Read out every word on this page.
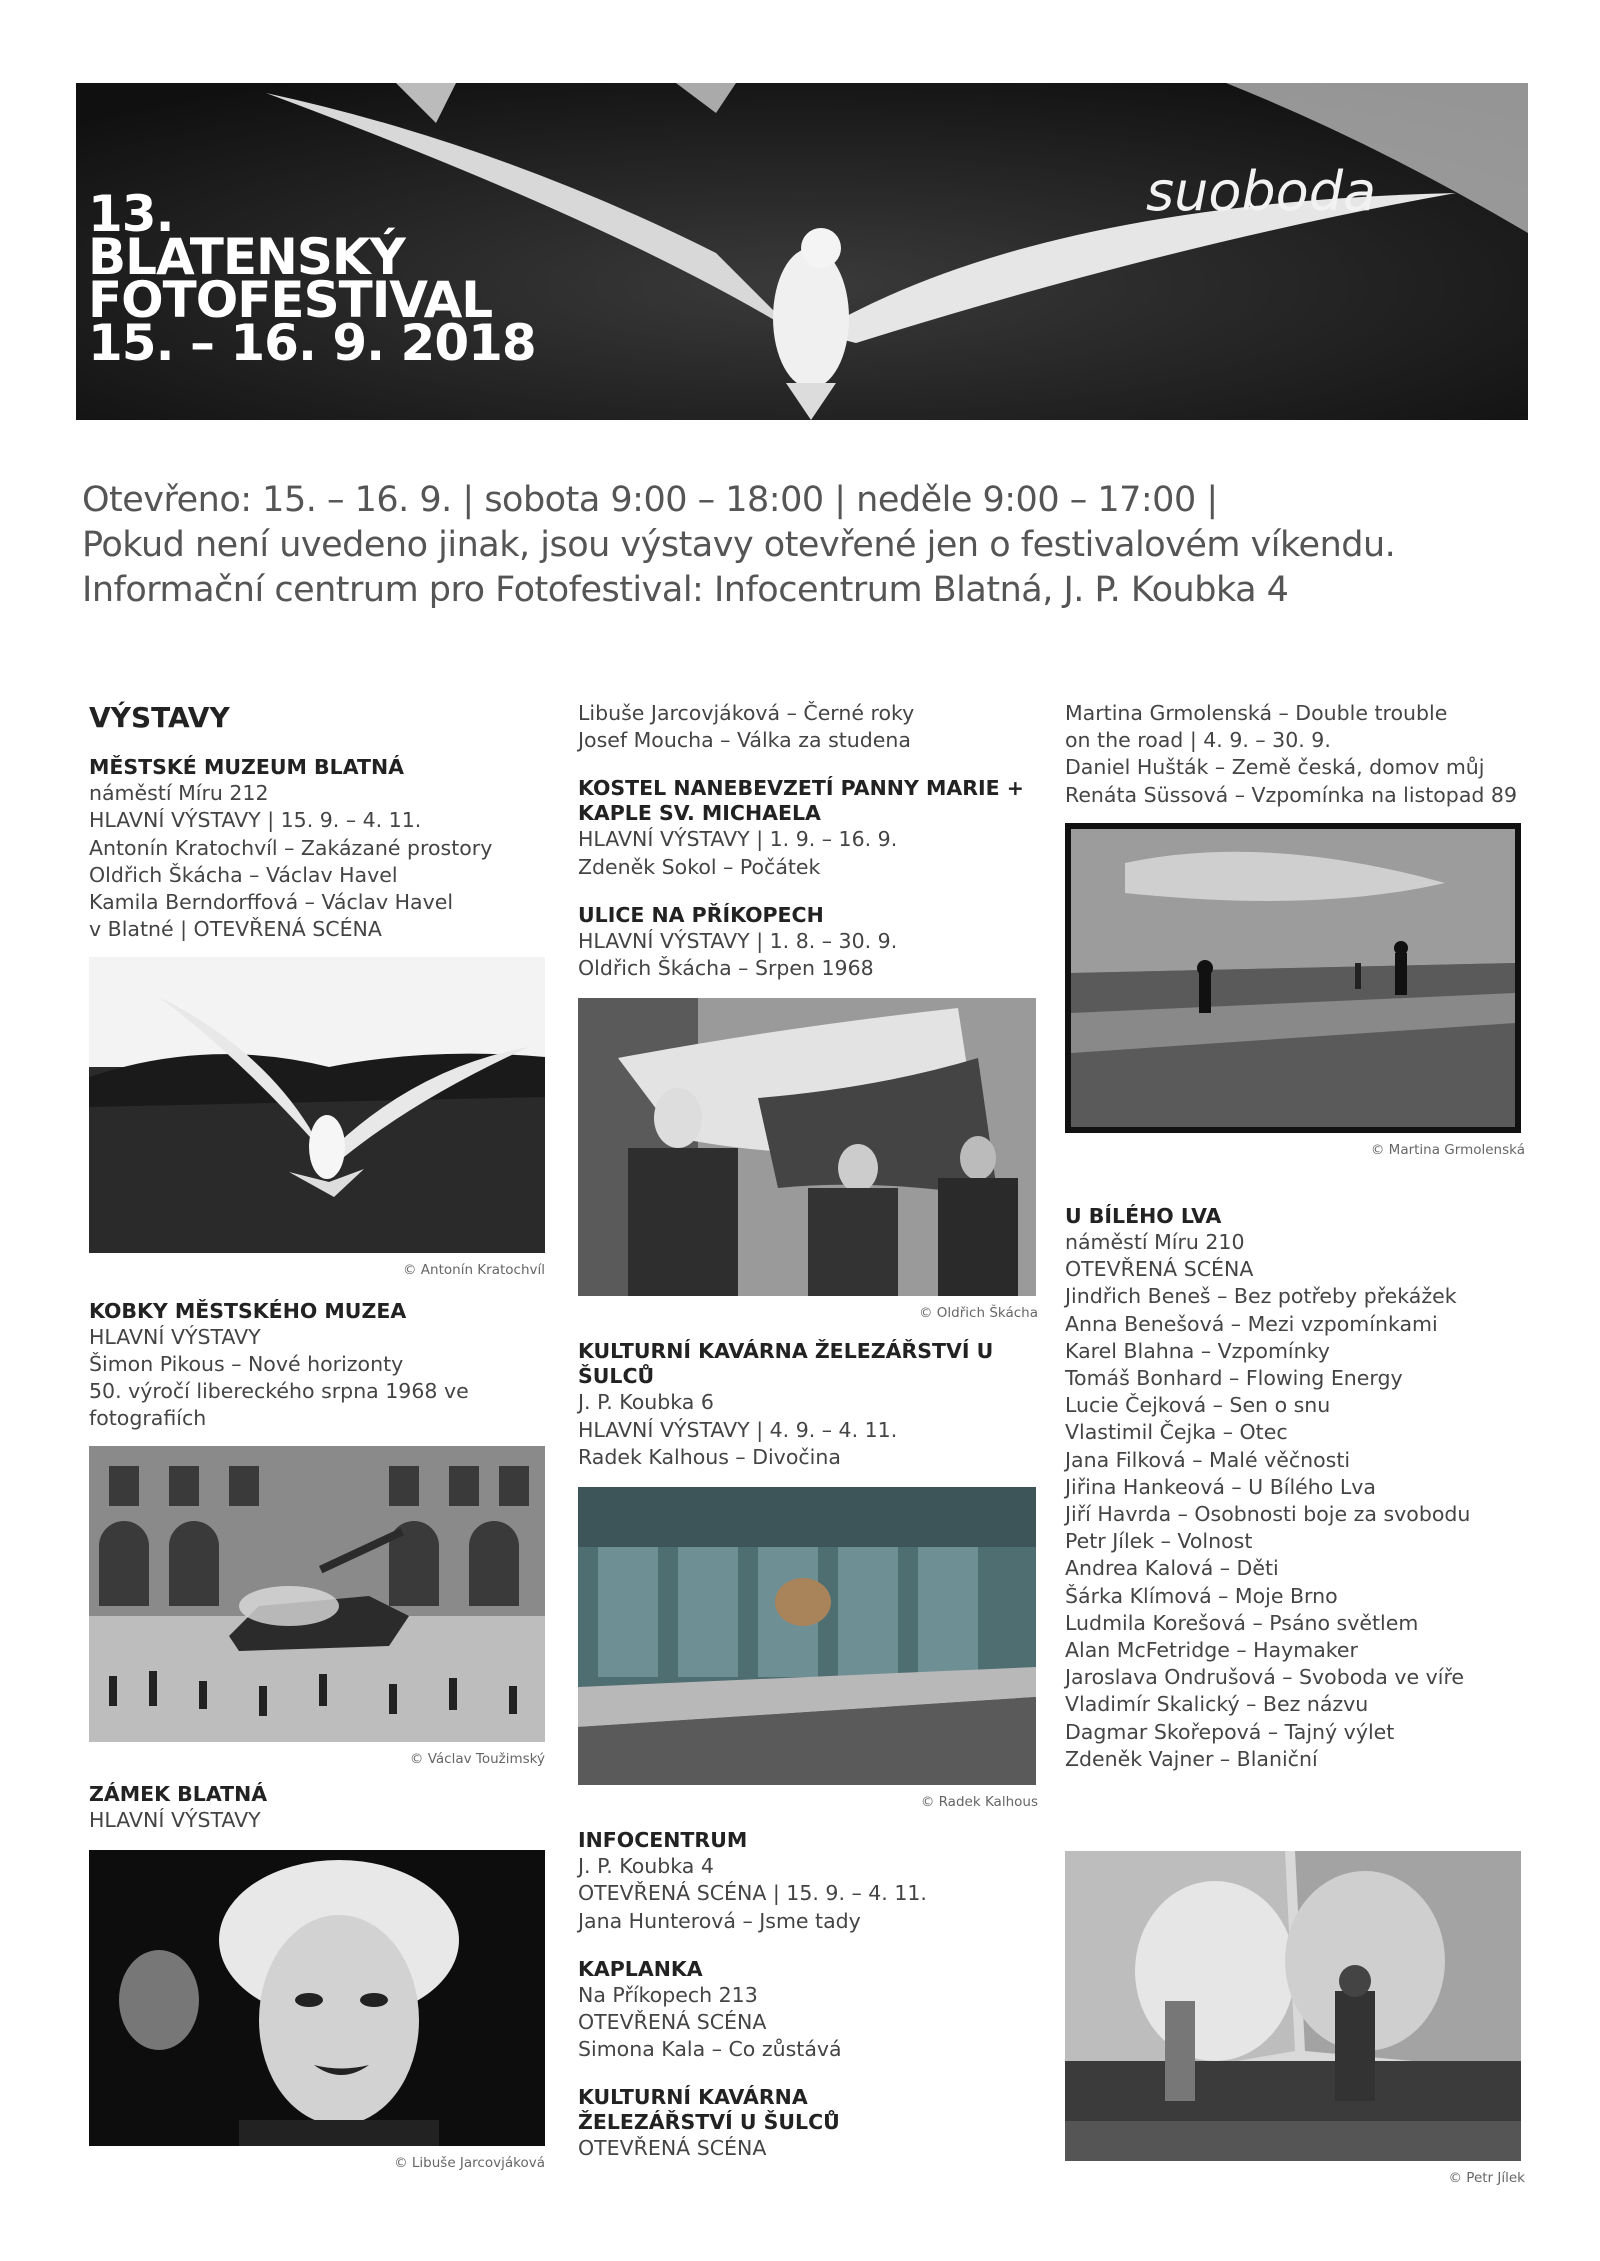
13.
BLATENSKÝ
FOTOFESTIVAL
15. – 16. 9. 2018
suoboda
Otevřeno: 15. – 16. 9. | sobota 9:00 – 18:00 | neděle 9:00 – 17:00 |
Pokud není uvedeno jinak, jsou výstavy otevřené jen o festivalovém víkendu.
Informační centrum pro Fotofestival: Infocentrum Blatná, J. P. Koubka 4
VÝSTAVY
MĚSTSKÉ MUZEUM BLATNÁ
náměstí Míru 212
HLAVNÍ VÝSTAVY | 15. 9. – 4. 11.
Antonín Kratochvíl – Zakázané prostory
Oldřich Škácha – Václav Havel
Kamila Berndorffová – Václav Havel
v Blatné | OTEVŘENÁ SCÉNA
© Antonín Kratochvíl
KOBKY MĚSTSKÉHO MUZEA
HLAVNÍ VÝSTAVY
Šimon Pikous – Nové horizonty
50. výročí libereckého srpna 1968 ve
fotografiích
© Václav Toužimský
ZÁMEK BLATNÁ
HLAVNÍ VÝSTAVY
© Libuše Jarcovjáková
Libuše Jarcovjáková – Černé roky
Josef Moucha – Válka za studena
KOSTEL NANEBEVZETÍ PANNY MARIE +
KAPLE SV. MICHAELA
HLAVNÍ VÝSTAVY | 1. 9. – 16. 9.
Zdeněk Sokol – Počátek
ULICE NA PŘÍKOPECH
HLAVNÍ VÝSTAVY | 1. 8. – 30. 9.
Oldřich Škácha – Srpen 1968
© Oldřich Škácha
KULTURNÍ KAVÁRNA ŽELEZÁŘSTVÍ U
ŠULCŮ
J. P. Koubka 6
HLAVNÍ VÝSTAVY | 4. 9. – 4. 11.
Radek Kalhous – Divočina
© Radek Kalhous
INFOCENTRUM
J. P. Koubka 4
OTEVŘENÁ SCÉNA | 15. 9. – 4. 11.
Jana Hunterová – Jsme tady
KAPLANKA
Na Příkopech 213
OTEVŘENÁ SCÉNA
Simona Kala – Co zůstává
KULTURNÍ KAVÁRNA
ŽELEZÁŘSTVÍ U ŠULCŮ
OTEVŘENÁ SCÉNA
Martina Grmolenská – Double trouble
on the road | 4. 9. – 30. 9.
Daniel Hušták – Země česká, domov můj
Renáta Süssová – Vzpomínka na listopad 89
© Martina Grmolenská
U BÍLÉHO LVA
náměstí Míru 210
OTEVŘENÁ SCÉNA
Jindřich Beneš – Bez potřeby překážek
Anna Benešová – Mezi vzpomínkami
Karel Blahna – Vzpomínky
Tomáš Bonhard – Flowing Energy
Lucie Čejková – Sen o snu
Vlastimil Čejka – Otec
Jana Filková – Malé věčnosti
Jiřina Hankeová – U Bílého Lva
Jiří Havrda – Osobnosti boje za svobodu
Petr Jílek – Volnost
Andrea Kalová – Děti
Šárka Klímová – Moje Brno
Ludmila Korešová – Psáno světlem
Alan McFetridge – Haymaker
Jaroslava Ondrušová – Svoboda ve víře
Vladimír Skalický – Bez názvu
Dagmar Skořepová – Tajný výlet
Zdeněk Vajner – Blaniční
© Petr Jílek
